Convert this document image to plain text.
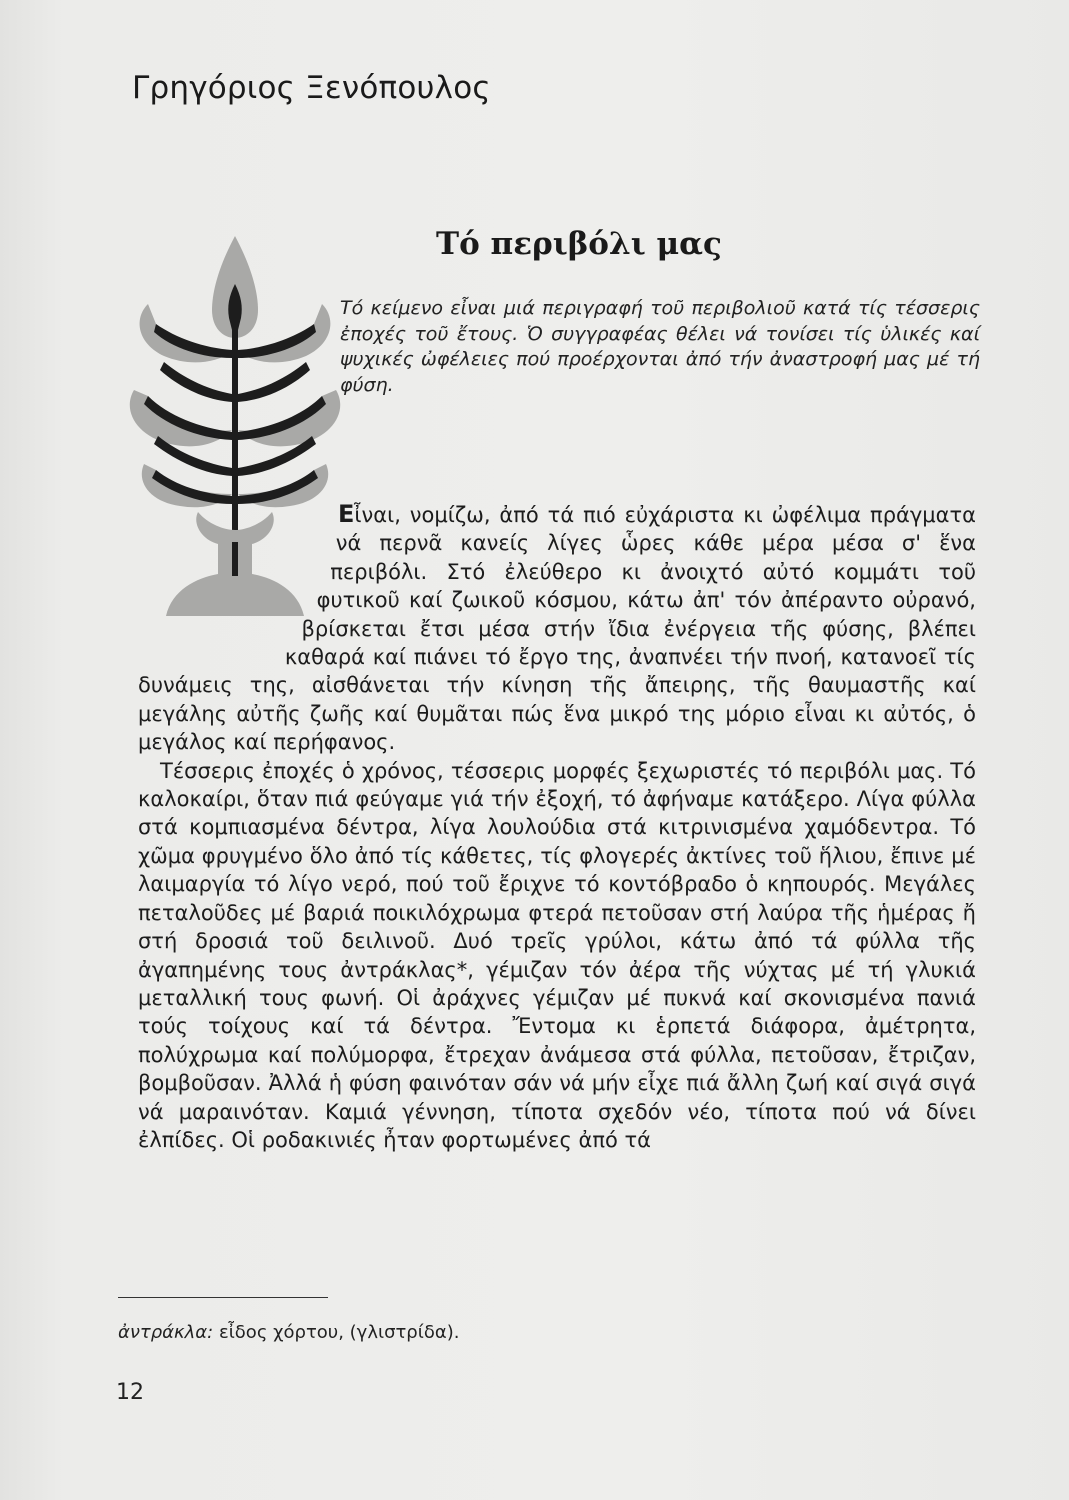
Γρηγόριος Ξενόπουλος
Τό περιβόλι μας
Τό κείμενο εἶναι μιά περιγραφή τοῦ περιβολιοῦ κατά τίς τέσσερις ἐποχές τοῦ ἔτους. Ὁ συγγραφέας θέλει νά τονίσει τίς ὑλικές καί ψυχικές ὠφέλειες πού προέρχονται ἀπό τήν ἀναστροφή μας μέ τή φύση.

Εἶναι, νομίζω, ἀπό τά πιό εὐχάριστα κι ὠφέλιμα πράγματα νά περνᾶ κανείς λίγες ὧρες κάθε μέρα μέσα σ' ἕνα περιβόλι. Στό ἐλεύθερο κι ἀνοιχτό αὐτό κομμάτι τοῦ φυτικοῦ καί ζωικοῦ κόσμου, κάτω ἀπ' τόν ἀπέραντο οὐρανό, βρίσκεται ἔτσι μέσα στήν ἴδια ἐνέργεια τῆς φύσης, βλέπει καθαρά καί πιάνει τό ἔργο της, ἀναπνέει τήν πνοή, κατανοεῖ τίς δυνάμεις της, αἰσθάνεται τήν κίνηση τῆς ἄπειρης, τῆς θαυμαστῆς καί μεγάλης αὐτῆς ζωῆς καί θυμᾶται πώς ἕνα μικρό της μόριο εἶναι κι αὐτός, ὁ μεγάλος καί περήφανος.

Τέσσερις ἐποχές ὁ χρόνος, τέσσερις μορφές ξεχωριστές τό περιβόλι μας. Τό καλοκαίρι, ὅταν πιά φεύγαμε γιά τήν ἐξοχή, τό ἀφήναμε κατάξερο. Λίγα φύλλα στά κομπιασμένα δέντρα, λίγα λουλούδια στά κιτρινισμένα χαμόδεντρα. Τό χῶμα φρυγμένο ὅλο ἀπό τίς κάθετες, τίς φλογερές ἀκτίνες τοῦ ἥλιου, ἔπινε μέ λαιμαργία τό λίγο νερό, πού τοῦ ἔριχνε τό κοντόβραδο ὁ κηπουρός. Μεγάλες πεταλοῦδες μέ βαριά ποικιλόχρωμα φτερά πετοῦσαν στή λαύρα τῆς ἡμέρας ἤ στή δροσιά τοῦ δειλινοῦ. Δυό τρεῖς γρύλοι, κάτω ἀπό τά φύλλα τῆς ἀγαπημένης τους ἀντράκλας*, γέμιζαν τόν ἀέρα τῆς νύχτας μέ τή γλυκιά μεταλλική τους φωνή. Οἱ ἀράχνες γέμιζαν μέ πυκνά καί σκονισμένα πανιά τούς τοίχους καί τά δέντρα. Ἔντομα κι ἑρπετά διάφορα, ἀμέτρητα, πολύχρωμα καί πολύμορφα, ἔτρεχαν ἀνάμεσα στά φύλλα, πετοῦσαν, ἔτριζαν, βομβοῦσαν. Ἀλλά ἡ φύση φαινόταν σάν νά μήν εἶχε πιά ἄλλη ζωή καί σιγά σιγά νά μαραινόταν. Καμιά γέννηση, τίποτα σχεδόν νέο, τίποτα πού νά δίνει ἐλπίδες. Οἱ ροδακινιές ἦταν φορτωμένες ἀπό τά

ἀντράκλα: εἶδος χόρτου, (γλιστρίδα).
12
